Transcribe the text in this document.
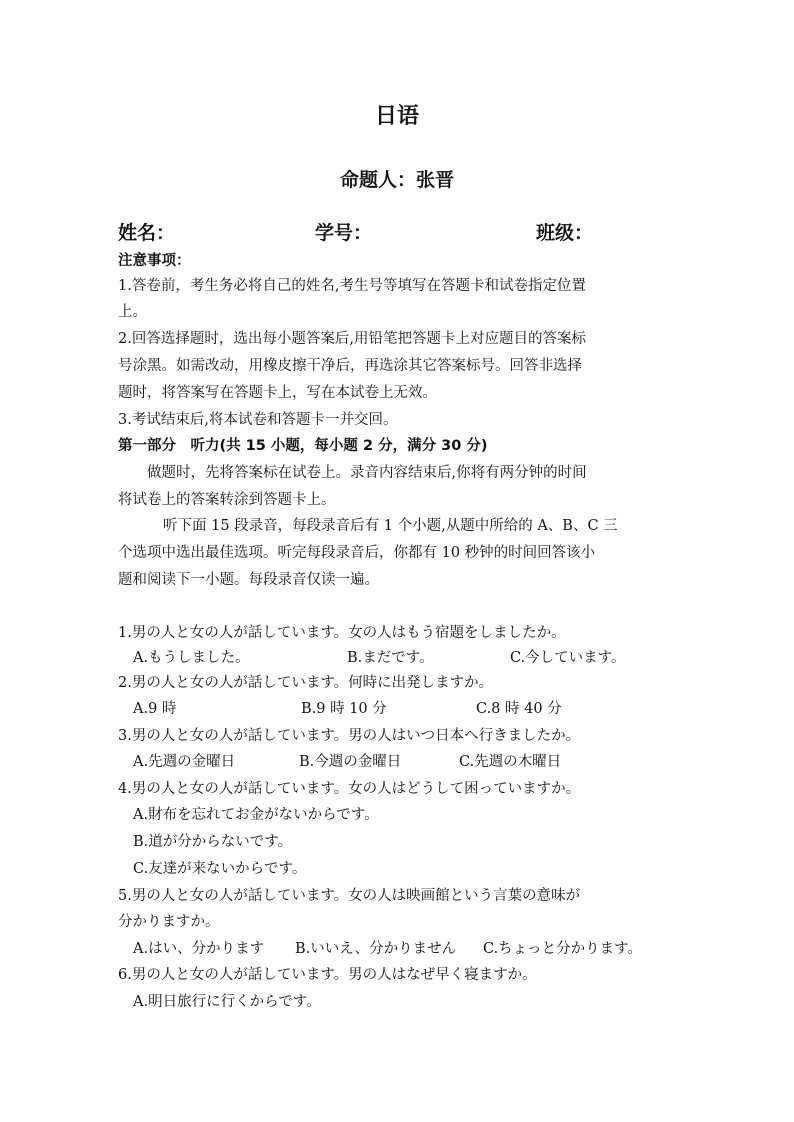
日语
命题人：张晋
姓名：	学号：	班级：
注意事项：
1.答卷前，考生务必将自己的姓名,考生号等填写在答题卡和试卷指定位置
上。
2.回答选择题时，选出每小题答案后,用铅笔把答题卡上对应题目的答案标
号涂黑。如需改动，用橡皮擦干净后，再选涂其它答案标号。回答非选择
题时，将答案写在答题卡上，写在本试卷上无效。
3.考试结束后,将本试卷和答题卡一并交回。
第一部分　听力(共 15 小题，每小题 2 分，满分 30 分)
做题时，先将答案标在试卷上。录音内容结束后,你将有两分钟的时间
将试卷上的答案转涂到答题卡上。
听下面 15 段录音，每段录音后有 1 个小题,从题中所给的 A、B、C 三
个选项中选出最佳选项。听完每段录音后，你都有 10 秒钟的时间回答该小
题和阅读下一小题。每段录音仅读一遍。
1.男の人と女の人が話しています。女の人はもう宿題をしましたか。
A.もうしました。	B.まだです。	C.今しています。
2.男の人と女の人が話しています。何時に出発しますか。
A.9 時	B.9 時 10 分	C.8 時 40 分
3.男の人と女の人が話しています。男の人はいつ日本へ行きましたか。
A.先週の金曜日	B.今週の金曜日	C.先週の木曜日
4.男の人と女の人が話しています。女の人はどうして困っていますか。
A.財布を忘れてお金がないからです。
B.道が分からないです。
C.友達が来ないからです。
5.男の人と女の人が話しています。女の人は映画館という言葉の意味が
分かりますか。
A.はい、分かります B.いいえ、分かりません C.ちょっと分かります。
6.男の人と女の人が話しています。男の人はなぜ早く寝ますか。
A.明日旅行に行くからです。
